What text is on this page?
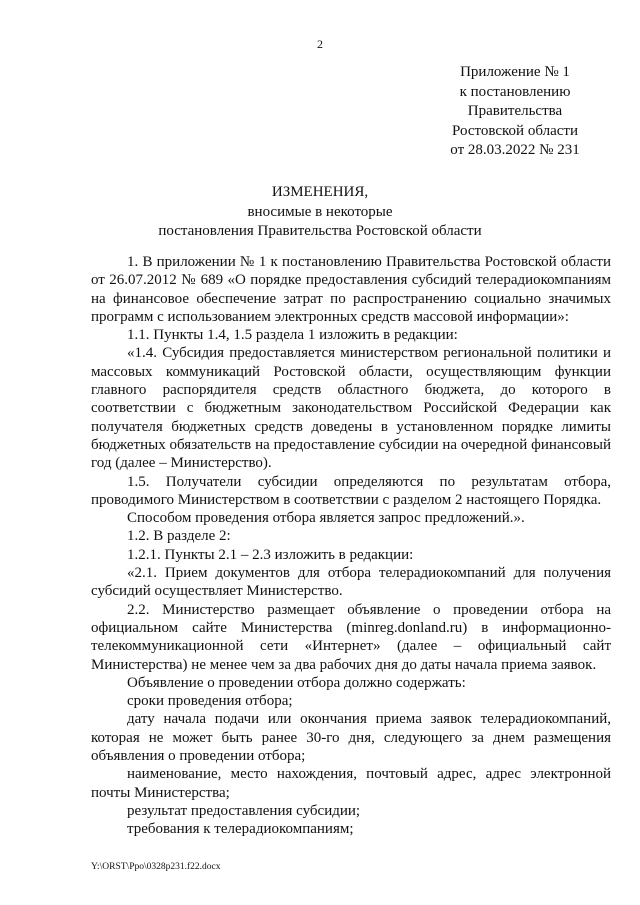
2
Приложение № 1
к постановлению
Правительства
Ростовской области
от 28.03.2022 № 231
ИЗМЕНЕНИЯ,
вносимые в некоторые
постановления Правительства Ростовской области

1. В приложении № 1 к постановлению Правительства Ростовской области от 26.07.2012 № 689 «О порядке предоставления субсидий телерадиокомпаниям на финансовое обеспечение затрат по распространению социально значимых программ с использованием электронных средств массовой информации»:

1.1. Пункты 1.4, 1.5 раздела 1 изложить в редакции:

«1.4. Субсидия предоставляется министерством региональной политики и массовых коммуникаций Ростовской области, осуществляющим функции главного распорядителя средств областного бюджета, до которого в соответствии с бюджетным законодательством Российской Федерации как получателя бюджетных средств доведены в установленном порядке лимиты бюджетных обязательств на предоставление субсидии на очередной финансовый год (далее – Министерство).

1.5. Получатели субсидии определяются по результатам отбора, проводимого Министерством в соответствии с разделом 2 настоящего Порядка.

Способом проведения отбора является запрос предложений.».

1.2. В разделе 2:

1.2.1. Пункты 2.1 – 2.3 изложить в редакции:

«2.1. Прием документов для отбора телерадиокомпаний для получения субсидий осуществляет Министерство.

2.2. Министерство размещает объявление о проведении отбора на официальном сайте Министерства (minreg.donland.ru) в информационно-телекоммуникационной сети «Интернет» (далее – официальный сайт Министерства) не менее чем за два рабочих дня до даты начала приема заявок.

Объявление о проведении отбора должно содержать:

сроки проведения отбора;

дату начала подачи или окончания приема заявок телерадиокомпаний, которая не может быть ранее 30-го дня, следующего за днем размещения объявления о проведении отбора;

наименование, место нахождения, почтовый адрес, адрес электронной почты Министерства;

результат предоставления субсидии;

требования к телерадиокомпаниям;

Y:\ORST\Ppo\0328p231.f22.docx
